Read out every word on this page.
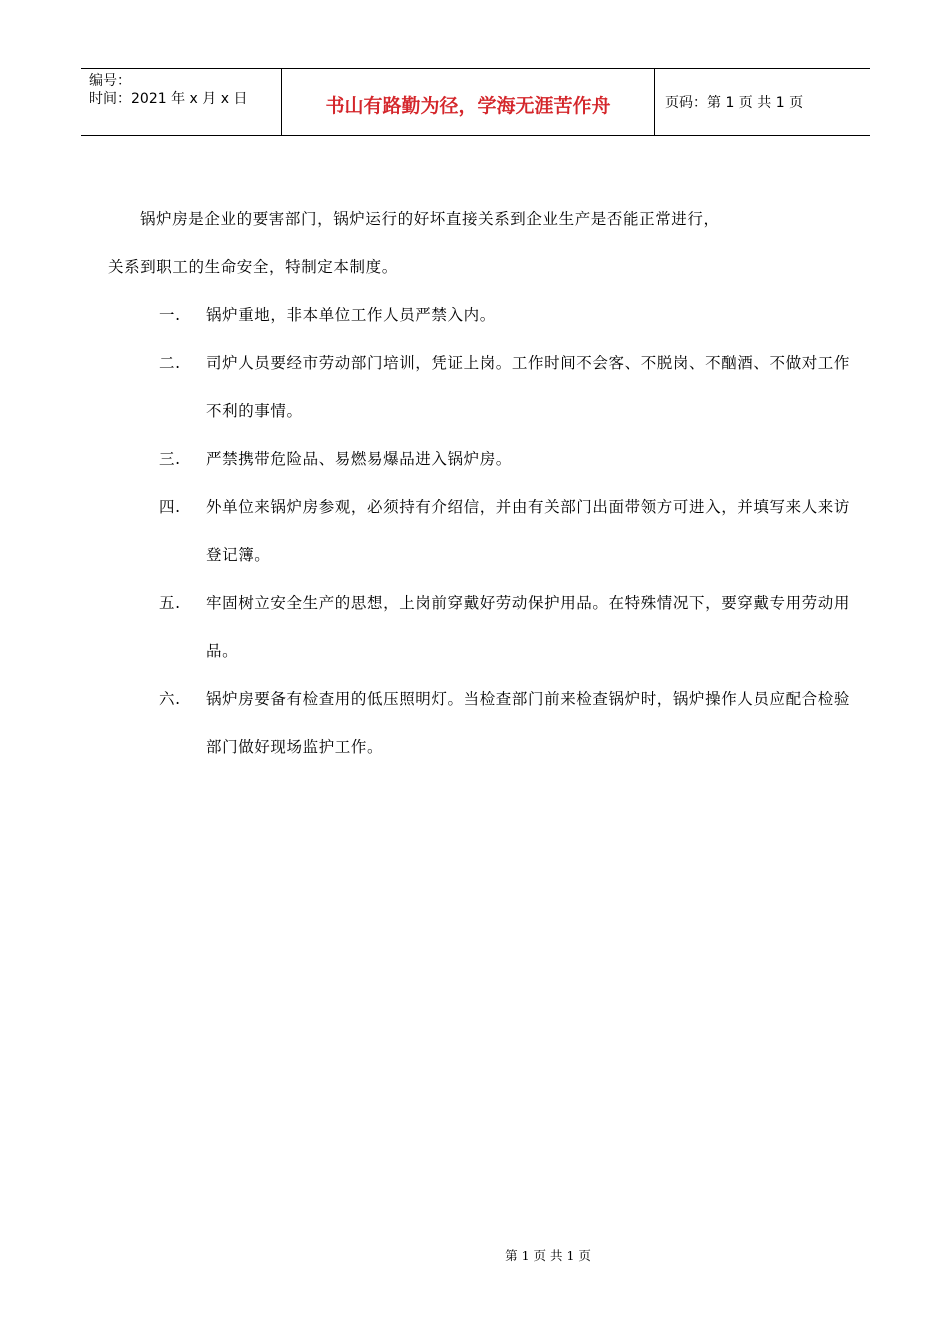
编号：
时间：2021 年 x 月 x 日	书山有路勤为径，学海无涯苦作舟	页码：第 1 页 共 1 页

锅炉房是企业的要害部门，锅炉运行的好坏直接关系到企业生产是否能正常进行，
关系到职工的生命安全，特制定本制度。

一. 锅炉重地，非本单位工作人员严禁入内。
二. 司炉人员要经市劳动部门培训，凭证上岗。工作时间不会客、不脱岗、不酗酒、不做对工作不利的事情。
三. 严禁携带危险品、易燃易爆品进入锅炉房。
四. 外单位来锅炉房参观，必须持有介绍信，并由有关部门出面带领方可进入，并填写来人来访登记簿。
五. 牢固树立安全生产的思想，上岗前穿戴好劳动保护用品。在特殊情况下，要穿戴专用劳动用品。
六. 锅炉房要备有检查用的低压照明灯。当检查部门前来检查锅炉时，锅炉操作人员应配合检验部门做好现场监护工作。
第 1 页 共 1 页
